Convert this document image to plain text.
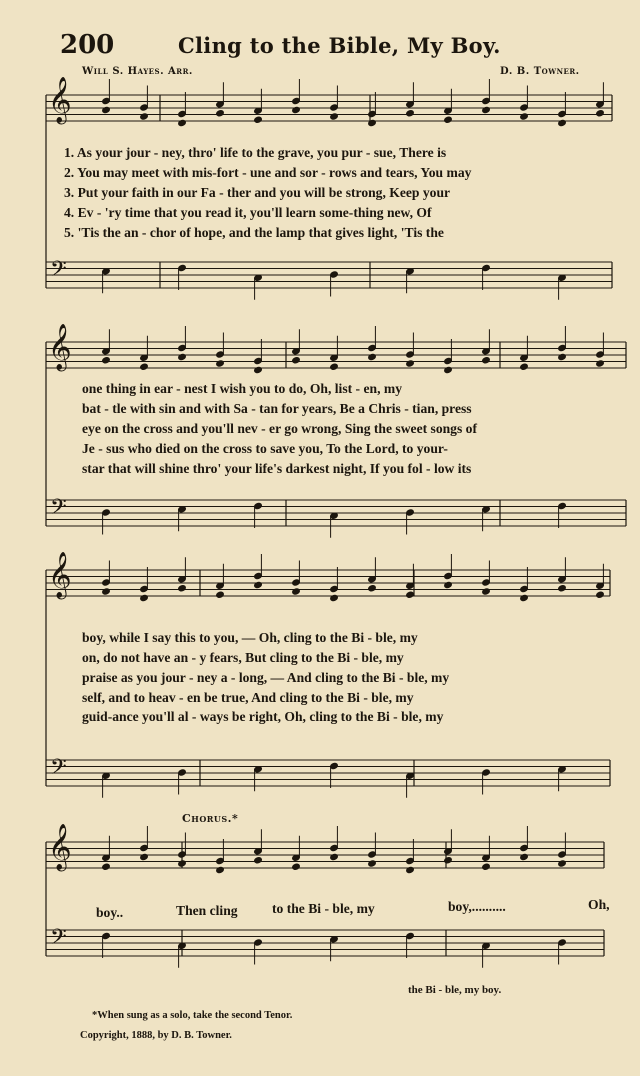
200	Cling to the Bible, My Boy.
Will S. Hayes. Arr.	D. B. Towner.
𝄞
𝄢
𝄞
𝄢
𝄞
𝄢
𝄞
𝄢
1. As your jour - ney, thro' life to the grave, you pur - sue, There is
2. You may meet with mis-fort - une and sor - rows and tears, You may
3. Put your faith in our Fa - ther and you will be strong, Keep your
4. Ev - 'ry time that you read it, you'll learn some-thing new, Of
5. 'Tis the an - chor of hope, and the lamp that gives light, 'Tis the
one thing in ear - nest I wish you to do, Oh, list - en, my
bat - tle with sin and with Sa - tan for years, Be a Chris - tian, press
eye on the cross and you'll nev - er go wrong, Sing the sweet songs of
Je - sus who died on the cross to save you, To the Lord, to your-
star that will shine thro' your life's darkest night, If you fol - low its
boy, while I say this to you, — Oh, cling to the Bi - ble, my
on, do not have an - y fears, But cling to the Bi - ble, my
praise as you jour - ney a - long, — And cling to the Bi - ble, my
self, and to heav - en be true, And cling to the Bi - ble, my
guid-ance you'll al - ways be right, Oh, cling to the Bi - ble, my
Chorus.*
boy..	Then cling	to the Bi - ble, my	boy,..........	Oh,
the Bi - ble, my boy.
*When sung as a solo, take the second Tenor.
Copyright, 1888, by D. B. Towner.
